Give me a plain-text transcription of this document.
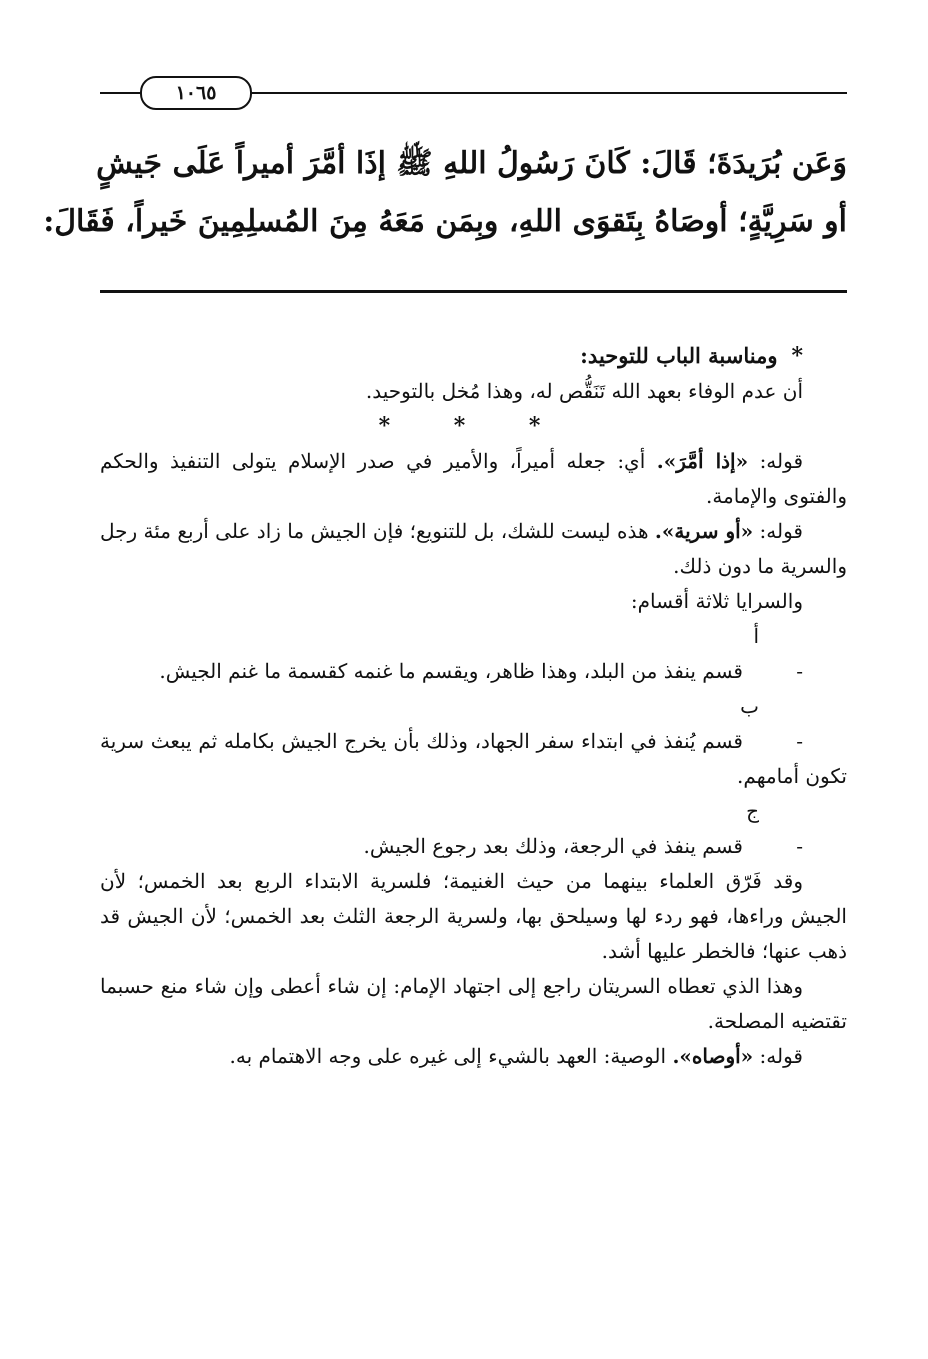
١٠٦٥
وَعَن بُرَيدَةَ؛ قَالَ: كَانَ رَسُولُ اللهِ ﷺ إذَا أمَّرَ أميراً عَلَى جَيشٍ
أو سَرِيَّةٍ؛ أوصَاهُ بِتَقوَى اللهِ، وبِمَن مَعَهُ مِنَ المُسلِمِينَ خَيراً، فَقَالَ:

*ومناسبة الباب للتوحيد:

أن عدم الوفاء بعهد الله تَنَقُّص له، وهذا مُخل بالتوحيد.

* * *

قوله: «إذا أمَّرَ». أي: جعله أميراً، والأمير في صدر الإسلام يتولى التنفيذ والحكم والفتوى والإمامة.

قوله: «أو سرية». هذه ليست للشك، بل للتنويع؛ فإن الجيش ما زاد على أربع مئة رجل والسرية ما دون ذلك.

والسرايا ثلاثة أقسام:

أ -قسم ينفذ من البلد، وهذا ظاهر، ويقسم ما غنمه كقسمة ما غنم الجيش.

ب -قسم يُنفذ في ابتداء سفر الجهاد، وذلك بأن يخرج الجيش بكامله ثم يبعث سرية تكون أمامهم.

ج -قسم ينفذ في الرجعة، وذلك بعد رجوع الجيش.

وقد فَرّق العلماء بينهما من حيث الغنيمة؛ فلسرية الابتداء الربع بعد الخمس؛ لأن الجيش وراءها، فهو ردء لها وسيلحق بها، ولسرية الرجعة الثلث بعد الخمس؛ لأن الجيش قد ذهب عنها؛ فالخطر عليها أشد.

وهذا الذي تعطاه السريتان راجع إلى اجتهاد الإمام: إن شاء أعطى وإن شاء منع حسبما تقتضيه المصلحة.

قوله: «أوصاه». الوصية: العهد بالشيء إلى غيره على وجه الاهتمام به.
